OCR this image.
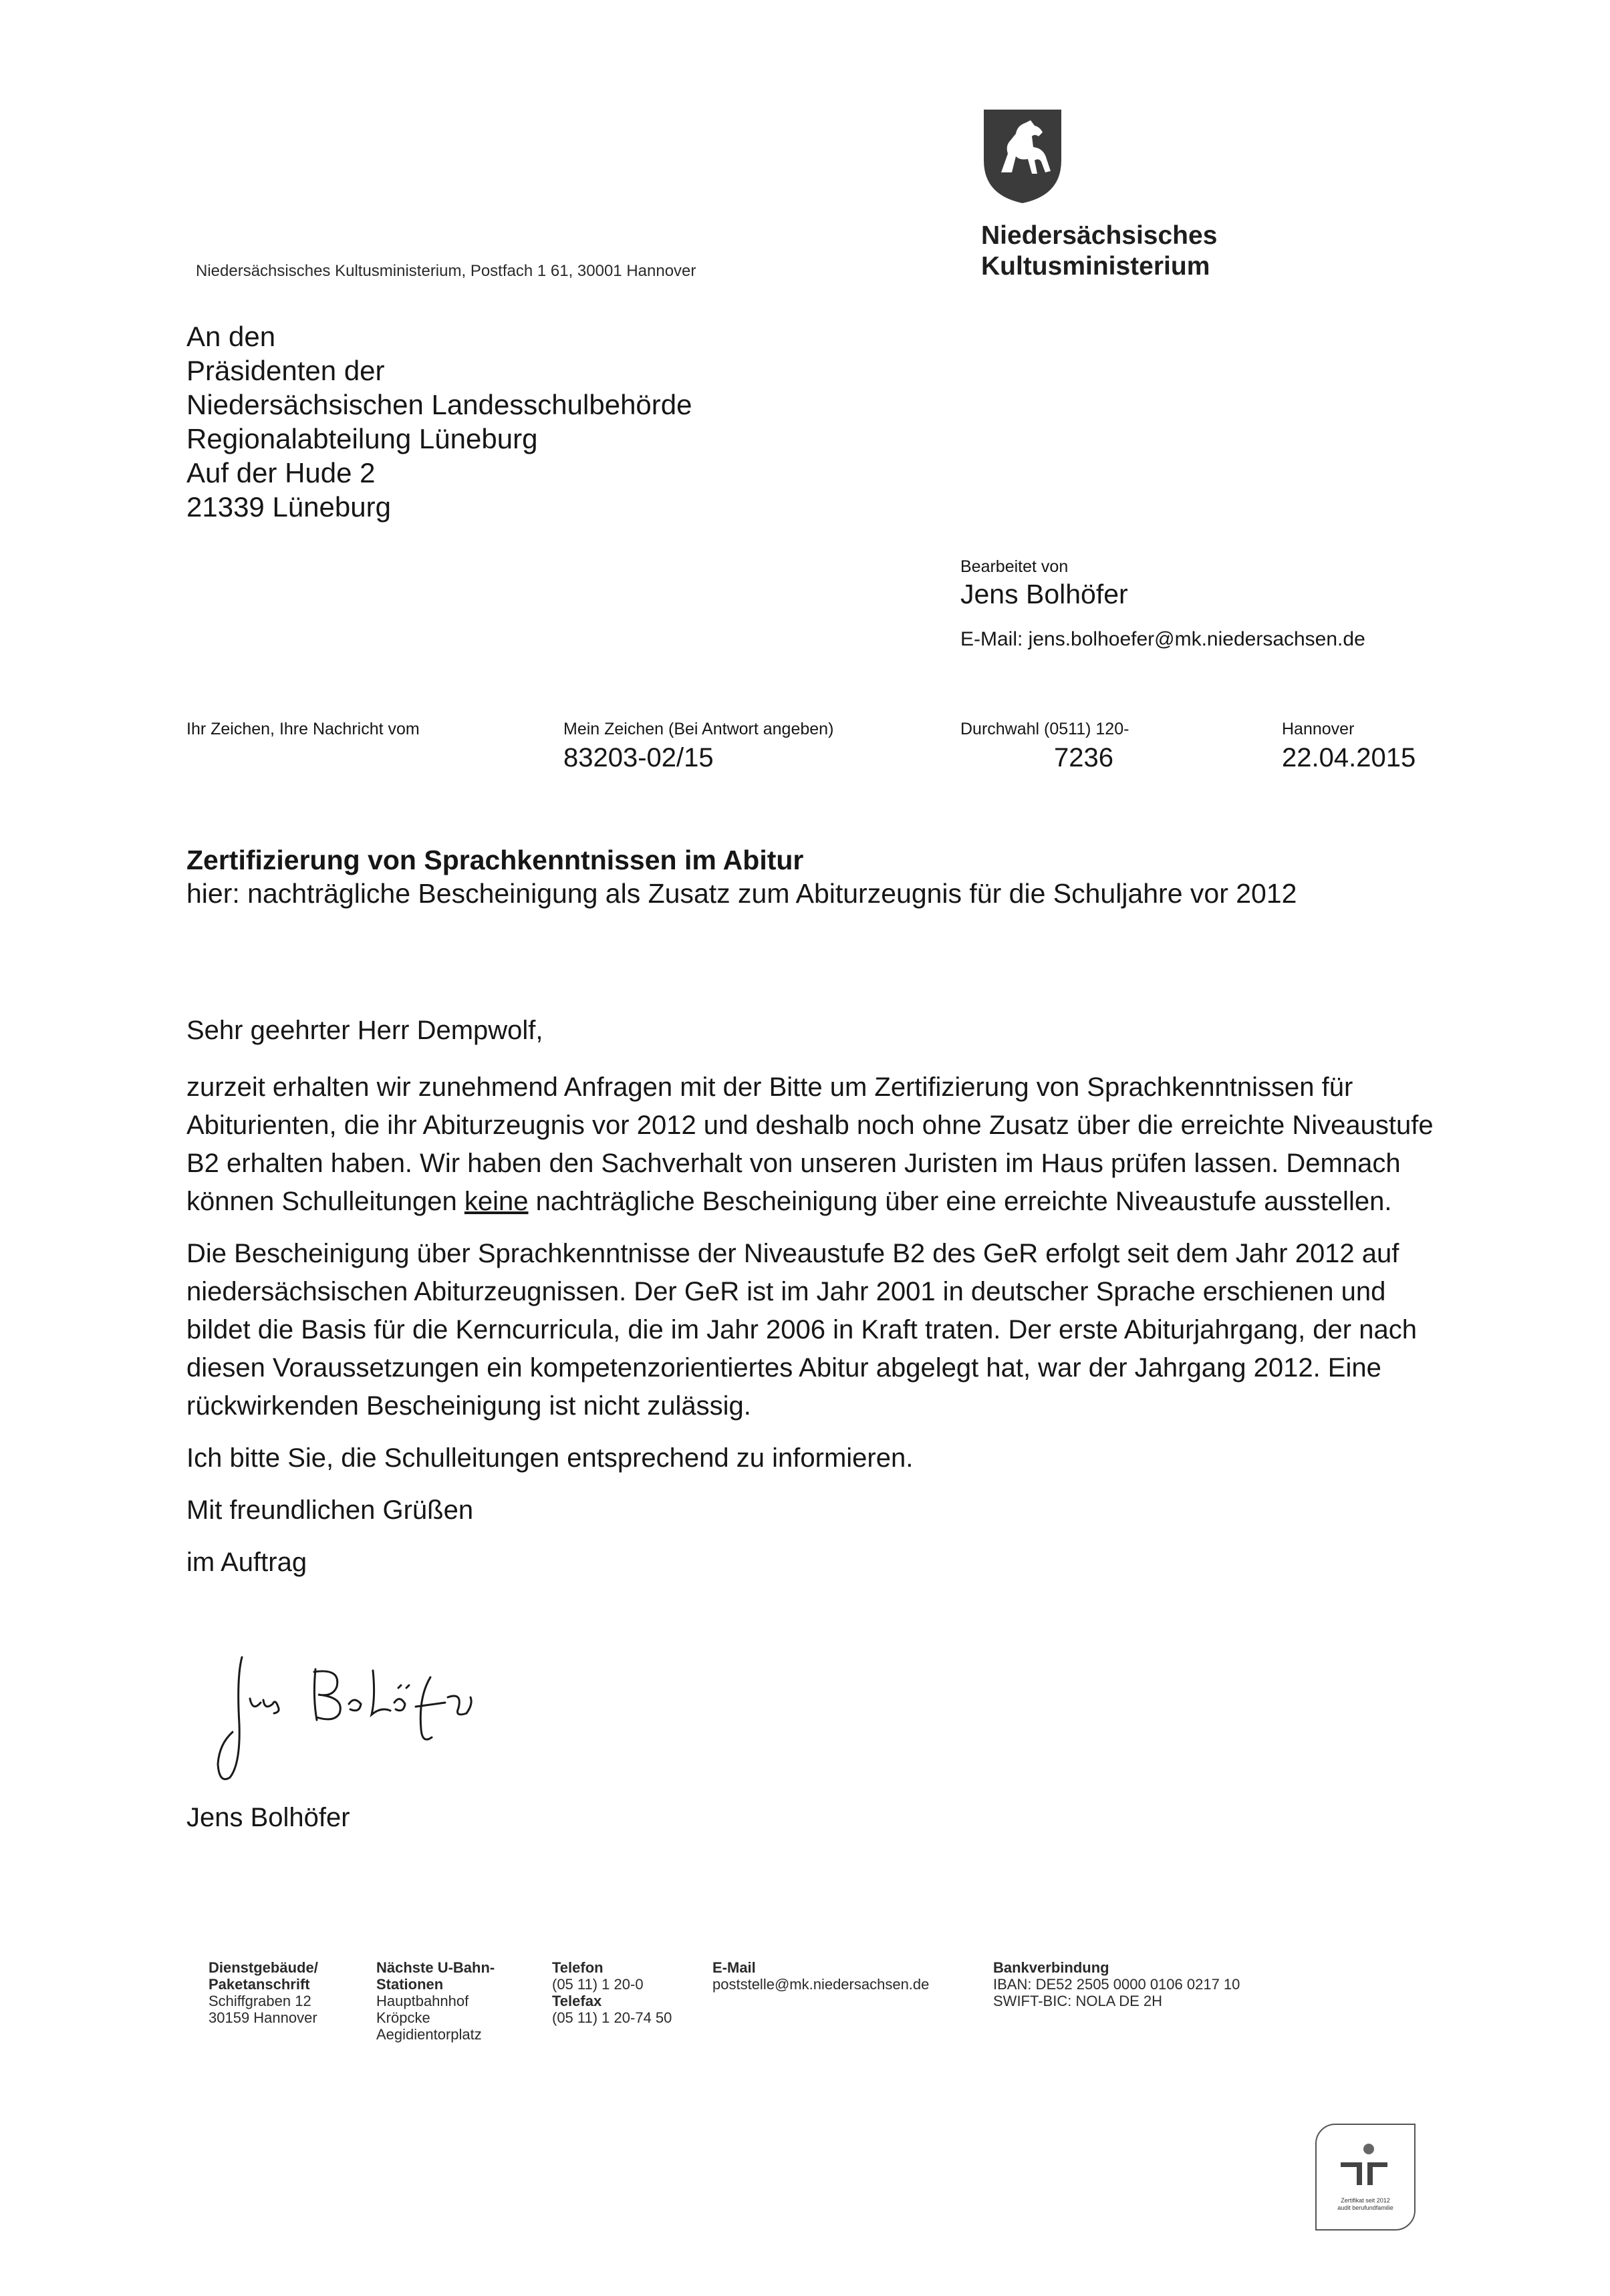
Niedersächsisches Kultusministerium, Postfach 1 61, 30001 Hannover
Niedersächsisches
Kultusministerium
An den
Präsidenten der
Niedersächsischen Landesschulbehörde
Regionalabteilung Lüneburg
Auf der Hude 2
21339 Lüneburg
Bearbeitet von
Jens Bolhöfer
E-Mail: jens.bolhoefer@mk.niedersachsen.de
Ihr Zeichen, Ihre Nachricht vom	Mein Zeichen (Bei Antwort angeben)
83203-02/15
Durchwahl (0511) 120-
7236
Hannover
22.04.2015
Zertifizierung von Sprachkenntnissen im Abitur
hier: nachträgliche Bescheinigung als Zusatz zum Abiturzeugnis für die Schuljahre vor 2012

Sehr geehrter Herr Dempwolf,

zurzeit erhalten wir zunehmend Anfragen mit der Bitte um Zertifizierung von Sprachkenntnissen für Abiturienten, die ihr Abiturzeugnis vor 2012 und deshalb noch ohne Zusatz über die erreichte Niveaustufe B2 erhalten haben. Wir haben den Sachverhalt von unseren Juristen im Haus prüfen lassen. Demnach können Schulleitungen keine nachträgliche Bescheinigung über eine erreichte Niveaustufe ausstellen.

Die Bescheinigung über Sprachkenntnisse der Niveaustufe B2 des GeR erfolgt seit dem Jahr 2012 auf niedersächsischen Abiturzeugnissen. Der GeR ist im Jahr 2001 in deutscher Sprache erschienen und bildet die Basis für die Kerncurricula, die im Jahr 2006 in Kraft traten. Der erste Abiturjahrgang, der nach diesen Voraussetzungen ein kompetenzorientiertes Abitur abgelegt hat, war der Jahrgang 2012. Eine rückwirkenden Bescheinigung ist nicht zulässig.

Ich bitte Sie, die Schulleitungen entsprechend zu informieren.

Mit freundlichen Grüßen

im Auftrag

Jens Bolhöfer
Dienstgebäude/
Paketanschrift
Schiffgraben 12
30159 Hannover
Nächste U-Bahn-
Stationen
Hauptbahnhof
Kröpcke
Aegidientorplatz
Telefon
(05 11) 1 20-0
Telefax
(05 11) 1 20-74 50
E-Mail
poststelle@mk.niedersachsen.de
Bankverbindung
IBAN: DE52 2505 0000 0106 0217 10
SWIFT-BIC: NOLA DE 2H
Zertifikat seit 2012
audit berufundfamilie
